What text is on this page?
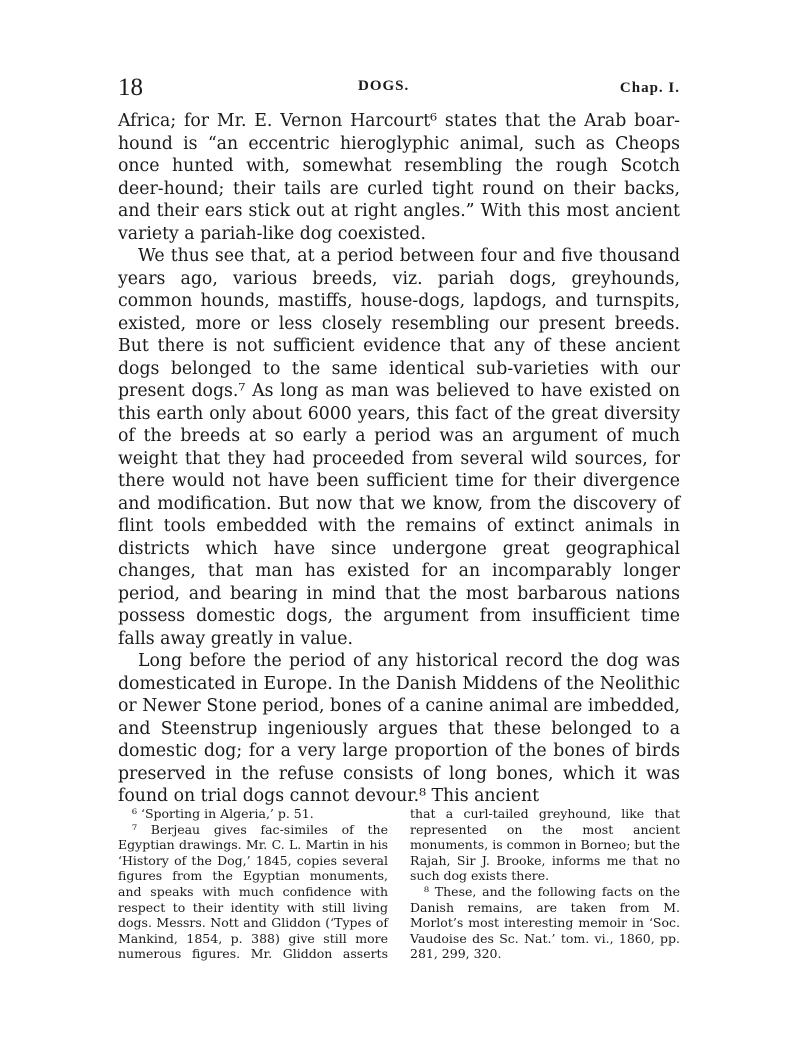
18	DOGS.	Chap. I.

Africa; for Mr. E. Vernon Harcourt⁶ states that the Arab boar-hound is “an eccentric hieroglyphic animal, such as Cheops once hunted with, somewhat resembling the rough Scotch deer-hound; their tails are curled tight round on their backs, and their ears stick out at right angles.” With this most ancient variety a pariah-like dog coexisted.

We thus see that, at a period between four and five thousand years ago, various breeds, viz. pariah dogs, greyhounds, common hounds, mastiffs, house-dogs, lapdogs, and turnspits, existed, more or less closely resembling our present breeds. But there is not sufficient evidence that any of these ancient dogs belonged to the same identical sub-varieties with our present dogs.⁷ As long as man was believed to have existed on this earth only about 6000 years, this fact of the great diversity of the breeds at so early a period was an argument of much weight that they had proceeded from several wild sources, for there would not have been sufficient time for their divergence and modification. But now that we know, from the discovery of flint tools embedded with the remains of extinct animals in districts which have since undergone great geographical changes, that man has existed for an incomparably longer period, and bearing in mind that the most barbarous nations possess domestic dogs, the argument from insufficient time falls away greatly in value.

Long before the period of any historical record the dog was domesticated in Europe. In the Danish Middens of the Neolithic or Newer Stone period, bones of a canine animal are imbedded, and Steenstrup ingeniously argues that these belonged to a domestic dog; for a very large proportion of the bones of birds preserved in the refuse consists of long bones, which it was found on trial dogs cannot devour.⁸ This ancient

⁶ ‘Sporting in Algeria,’ p. 51.

⁷ Berjeau gives fac-similes of the Egyptian drawings. Mr. C. L. Martin in his ‘History of the Dog,’ 1845, copies several figures from the Egyptian monuments, and speaks with much confidence with respect to their identity with still living dogs. Messrs. Nott and Gliddon (‘Types of Mankind, 1854, p. 388) give still more numerous figures. Mr. Gliddon asserts that a curl-tailed greyhound, like that represented on the most ancient monuments, is common in Borneo; but the Rajah, Sir J. Brooke, informs me that no such dog exists there.

⁸ These, and the following facts on the Danish remains, are taken from M. Morlot’s most interesting memoir in ‘Soc. Vaudoise des Sc. Nat.’ tom. vi., 1860, pp. 281, 299, 320.
